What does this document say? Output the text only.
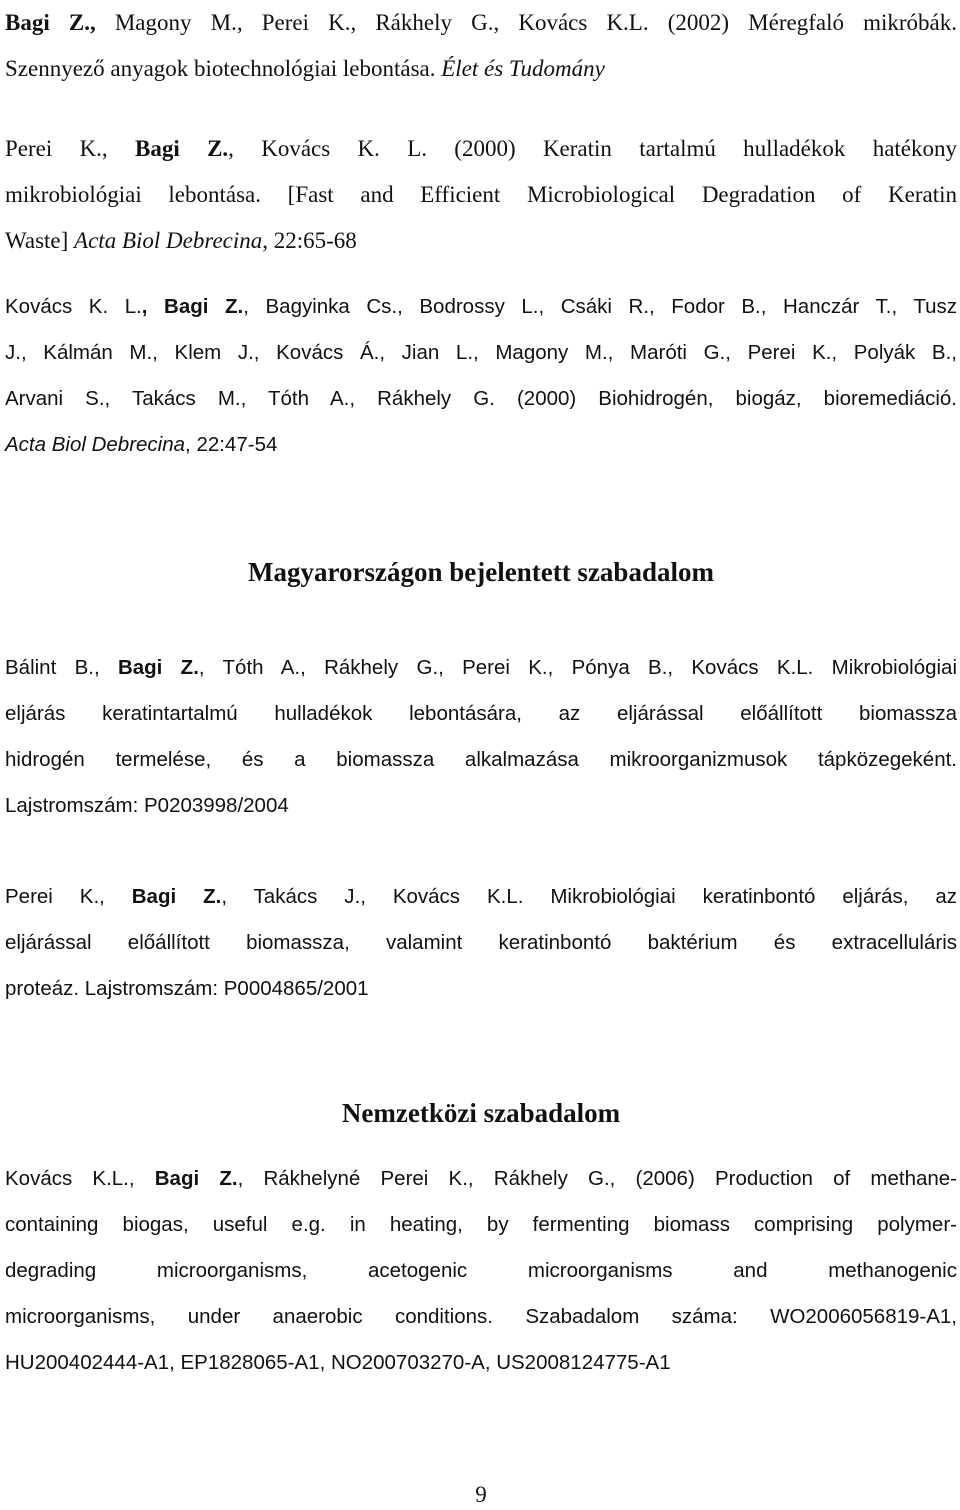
Bagi Z., Magony M., Perei K., Rákhely G., Kovács K.L. (2002) Méregfaló mikróbák.
Szennyező anyagok biotechnológiai lebontása. Élet és Tudomány
Perei K., Bagi Z., Kovács K. L. (2000) Keratin tartalmú hulladékok hatékony
mikrobiológiai lebontása. [Fast and Efficient Microbiological Degradation of Keratin
Waste] Acta Biol Debrecina, 22:65-68
Kovács K. L., Bagi Z., Bagyinka Cs., Bodrossy L., Csáki R., Fodor B., Hanczár T., Tusz
J., Kálmán M., Klem J., Kovács Á., Jian L., Magony M., Maróti G., Perei K., Polyák B.,
Arvani S., Takács M., Tóth A., Rákhely G. (2000) Biohidrogén, biogáz, bioremediáció.
Acta Biol Debrecina, 22:47-54
Magyarországon bejelentett szabadalom
Bálint B., Bagi Z., Tóth A., Rákhely G., Perei K., Pónya B., Kovács K.L. Mikrobiológiai
eljárás keratintartalmú hulladékok lebontására, az eljárással előállított biomassza
hidrogén termelése, és a biomassza alkalmazása mikroorganizmusok tápközegeként.
Lajstromszám: P0203998/2004
Perei K., Bagi Z., Takács J., Kovács K.L. Mikrobiológiai keratinbontó eljárás, az
eljárással előállított biomassza, valamint keratinbontó baktérium és extracelluláris
proteáz. Lajstromszám: P0004865/2001
Nemzetközi szabadalom
Kovács K.L., Bagi Z., Rákhelyné Perei K., Rákhely G., (2006) Production of methane-
containing biogas, useful e.g. in heating, by fermenting biomass comprising polymer-
degrading microorganisms, acetogenic microorganisms and methanogenic
microorganisms, under anaerobic conditions. Szabadalom száma: WO2006056819-A1,
HU200402444-A1, EP1828065-A1, NO200703270-A, US2008124775-A1
9
